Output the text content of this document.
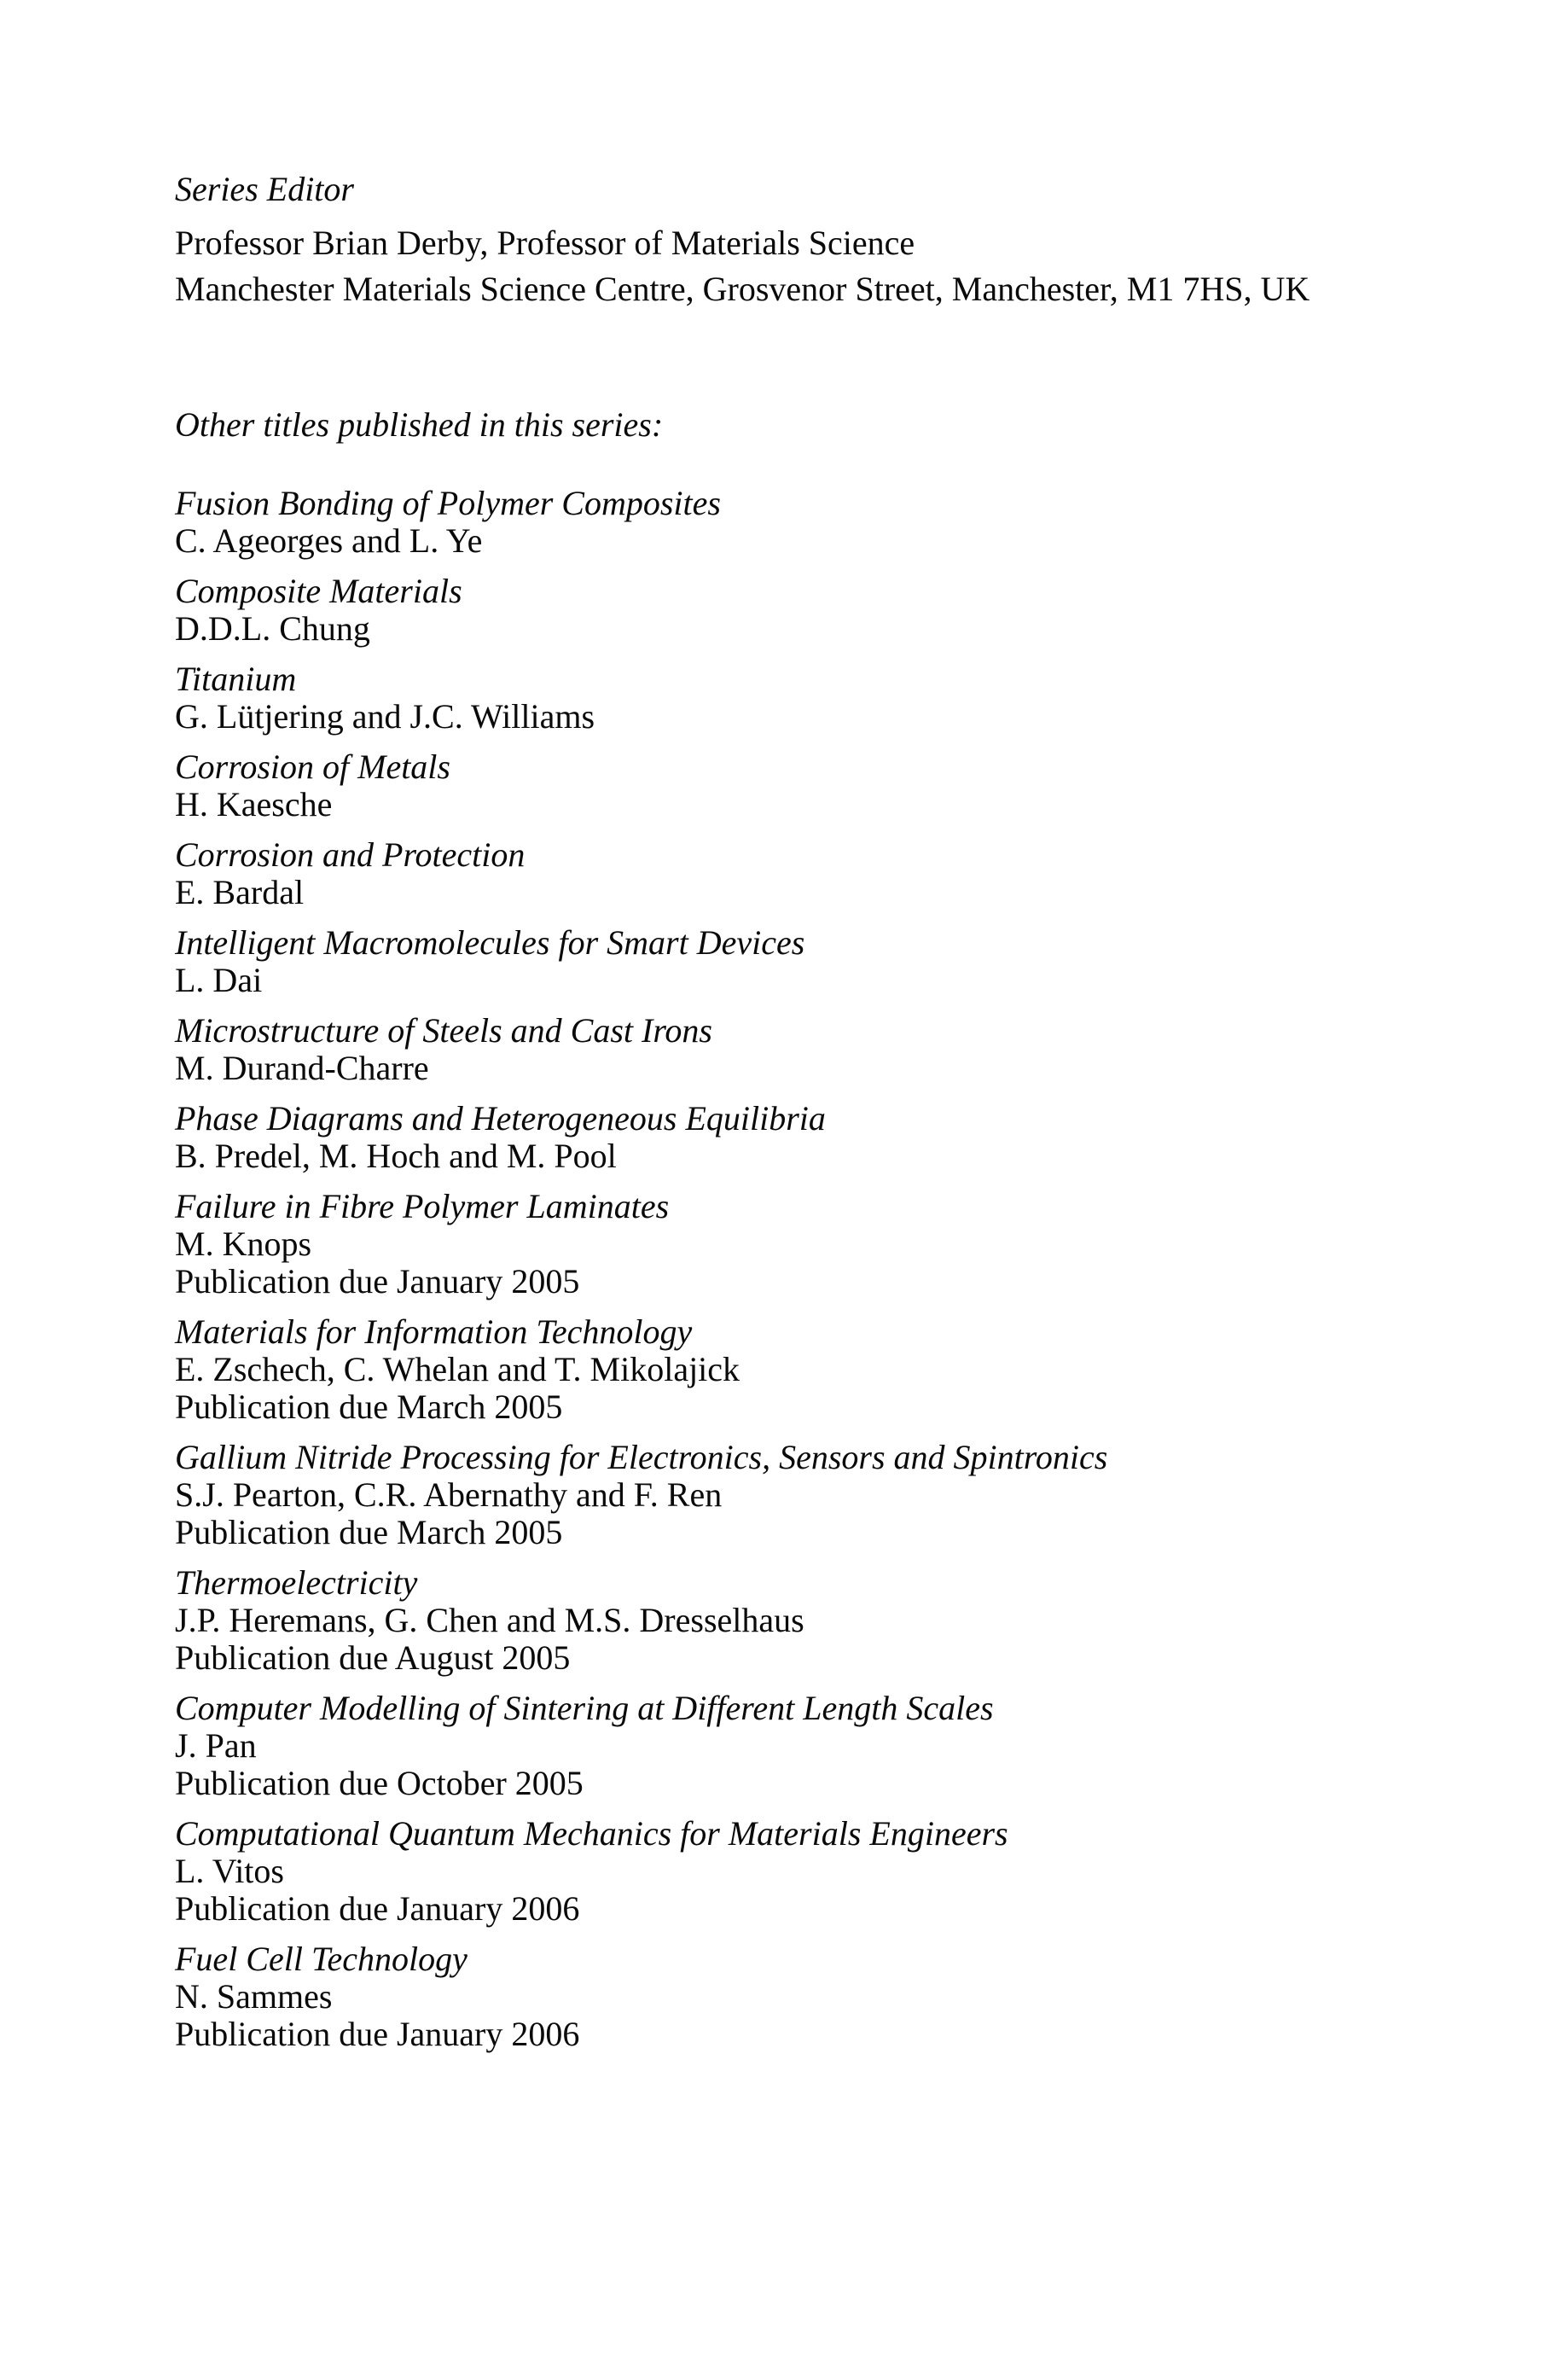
Series Editor
Professor Brian Derby, Professor of Materials Science
Manchester Materials Science Centre, Grosvenor Street, Manchester, M1 7HS, UK
Other titles published in this series:
Fusion Bonding of Polymer Composites
C. Ageorges and L. Ye
Composite Materials
D.D.L. Chung
Titanium
G. Lütjering and J.C. Williams
Corrosion of Metals
H. Kaesche
Corrosion and Protection
E. Bardal
Intelligent Macromolecules for Smart Devices
L. Dai
Microstructure of Steels and Cast Irons
M. Durand-Charre
Phase Diagrams and Heterogeneous Equilibria
B. Predel, M. Hoch and M. Pool
Failure in Fibre Polymer Laminates
M. Knops
Publication due January 2005
Materials for Information Technology
E. Zschech, C. Whelan and T. Mikolajick
Publication due March 2005
Gallium Nitride Processing for Electronics, Sensors and Spintronics
S.J. Pearton, C.R. Abernathy and F. Ren
Publication due March 2005
Thermoelectricity
J.P. Heremans, G. Chen and M.S. Dresselhaus
Publication due August 2005
Computer Modelling of Sintering at Different Length Scales
J. Pan
Publication due October 2005
Computational Quantum Mechanics for Materials Engineers
L. Vitos
Publication due January 2006
Fuel Cell Technology
N. Sammes
Publication due January 2006
